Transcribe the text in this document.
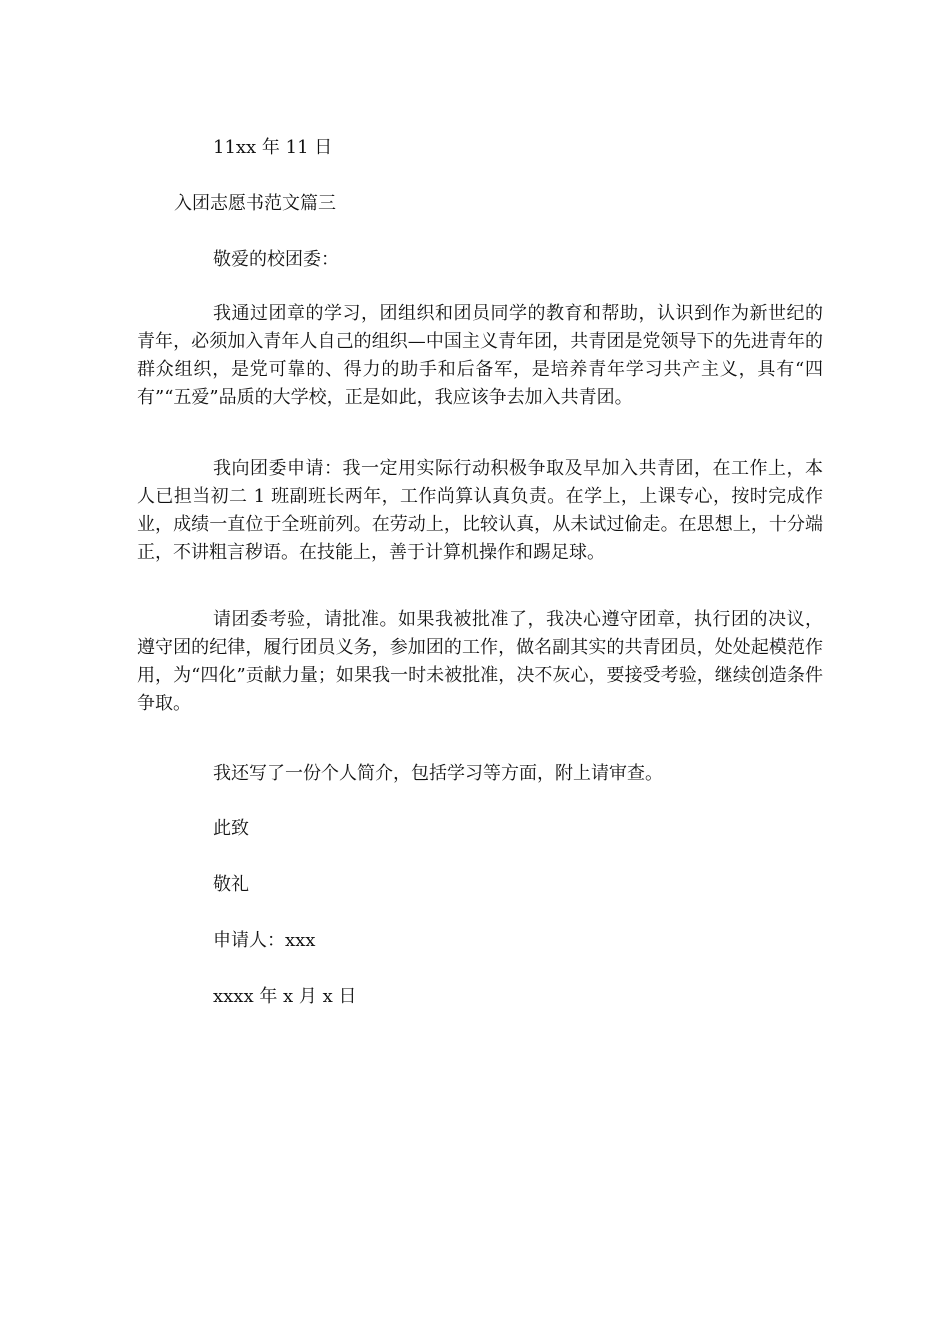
11xx 年 11 日
入团志愿书范文篇三
敬爱的校团委：
我通过团章的学习，团组织和团员同学的教育和帮助，认识到作为新世纪的青年，必须加入青年人自己的组织—中国主义青年团，共青团是党领导下的先进青年的群众组织，是党可靠的、得力的助手和后备军，是培养青年学习共产主义，具有“四有”“五爱”品质的大学校，正是如此，我应该争去加入共青团。
我向团委申请：我一定用实际行动积极争取及早加入共青团，在工作上，本人已担当初二 1 班副班长两年，工作尚算认真负责。在学上，上课专心，按时完成作业，成绩一直位于全班前列。在劳动上，比较认真，从未试过偷走。在思想上，十分端正，不讲粗言秽语。在技能上，善于计算机操作和踢足球。
请团委考验，请批准。如果我被批准了，我决心遵守团章，执行团的决议，遵守团的纪律，履行团员义务，参加团的工作，做名副其实的共青团员，处处起模范作用，为“四化”贡献力量；如果我一时未被批准，决不灰心，要接受考验，继续创造条件争取。
我还写了一份个人简介，包括学习等方面，附上请审查。
此致
敬礼
申请人：xxx
xxxx 年 x 月 x 日
